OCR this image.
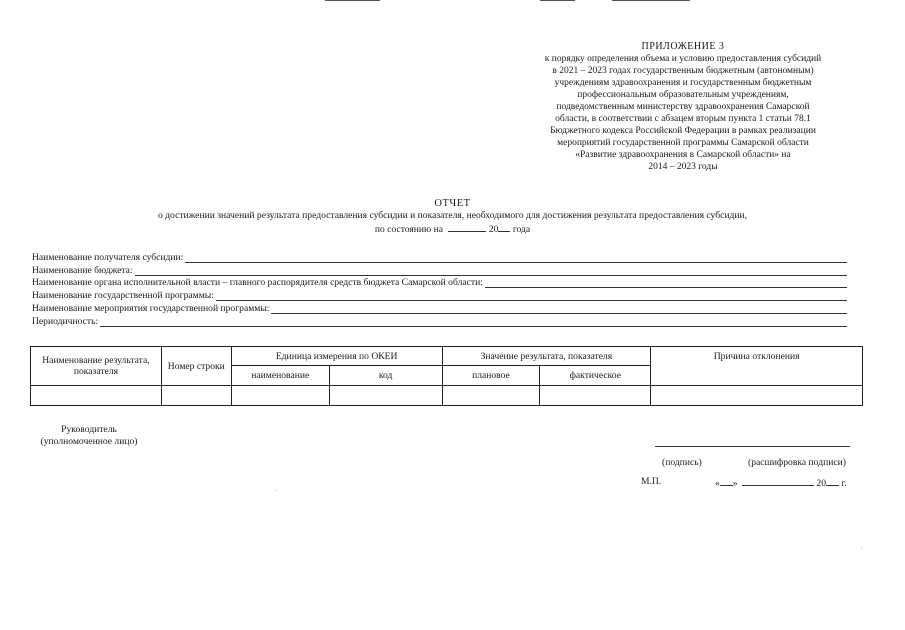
ПРИЛОЖЕНИЕ 3
к порядку определения объема и условию предоставления субсидий
в 2021 – 2023 годах государственным бюджетным (автономным)
учреждениям здравоохранения и государственным бюджетным
профессиональным образовательным учреждениям,
подведомственным министерству здравоохранения Самарской
области, в соответствии с абзацем вторым пункта 1 статьи 78.1
Бюджетного кодекса Российской Федерации в рамках реализации
мероприятий государственной программы Самарской области
«Развитие здравоохранения в Самарской области» на
2014 – 2023 годы
ОТЧЕТ
о достижении значений результата предоставления субсидии и показателя, необходимого для достижения результата предоставления субсидии,
по состоянию на	20 года
Наименование получателя субсидии:
Наименование бюджета:
Наименование органа исполнительной власти – главного распорядителя средств бюджета Самарской области:
Наименование государственной программы:
Наименование мероприятия государственной программы:
Периодичность:
Наименование результата, показателя	Номер строки	Единица измерения по ОКЕИ		Значение результата, показателя		Причина отклонения
		наименование	код	плановое	фактическое	

Руководитель
(уполномоченное лицо)
(подпись)	(расшифровка подписи)
М.П.	« »	20 г.
